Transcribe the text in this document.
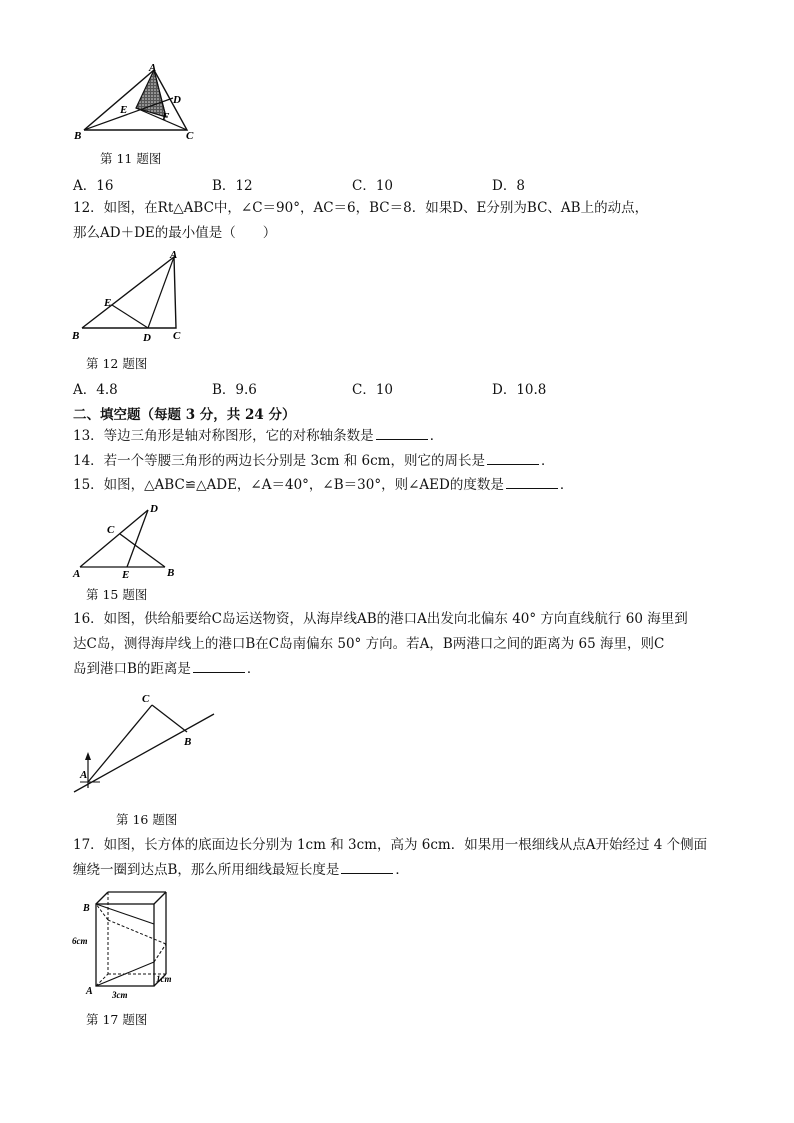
A
B	C
D
E
F
第 11 题图
A．16	B．12	C．10	D．8
12．如图，在Rt△ABC中，∠C＝90°，AC＝6，BC＝8．如果D、E分别为BC、AB上的动点，
那么AD＋DE的最小值是（　　）
A
B	C
D
E
第 12 题图
A．4.8	B．9.6	C．10	D．10.8
二、填空题（每题 3 分，共 24 分）
13．等边三角形是轴对称图形，它的对称轴条数是	．
14．若一个等腰三角形的两边长分别是 3cm 和 6cm，则它的周长是	．
15．如图，△ABC≌△ADE，∠A＝40°，∠B＝30°，则∠AED的度数是	．
A	B
C
D
E
第 15 题图
16．如图，供给船要给C岛运送物资，从海岸线AB的港口A出发向北偏东 40° 方向直线航行 60 海里到
达C岛，测得海岸线上的港口B在C岛南偏东 50° 方向。若A，B两港口之间的距离为 65 海里，则C
岛到港口B的距离是	．
A
B
C
第 16 题图
17．如图，长方体的底面边长分别为 1cm 和 3cm，高为 6cm．如果用一根细线从点A开始经过 4 个侧面
缠绕一圈到达点B，那么所用细线最短长度是	．
A
B
6cm
3cm
1cm
第 17 题图
